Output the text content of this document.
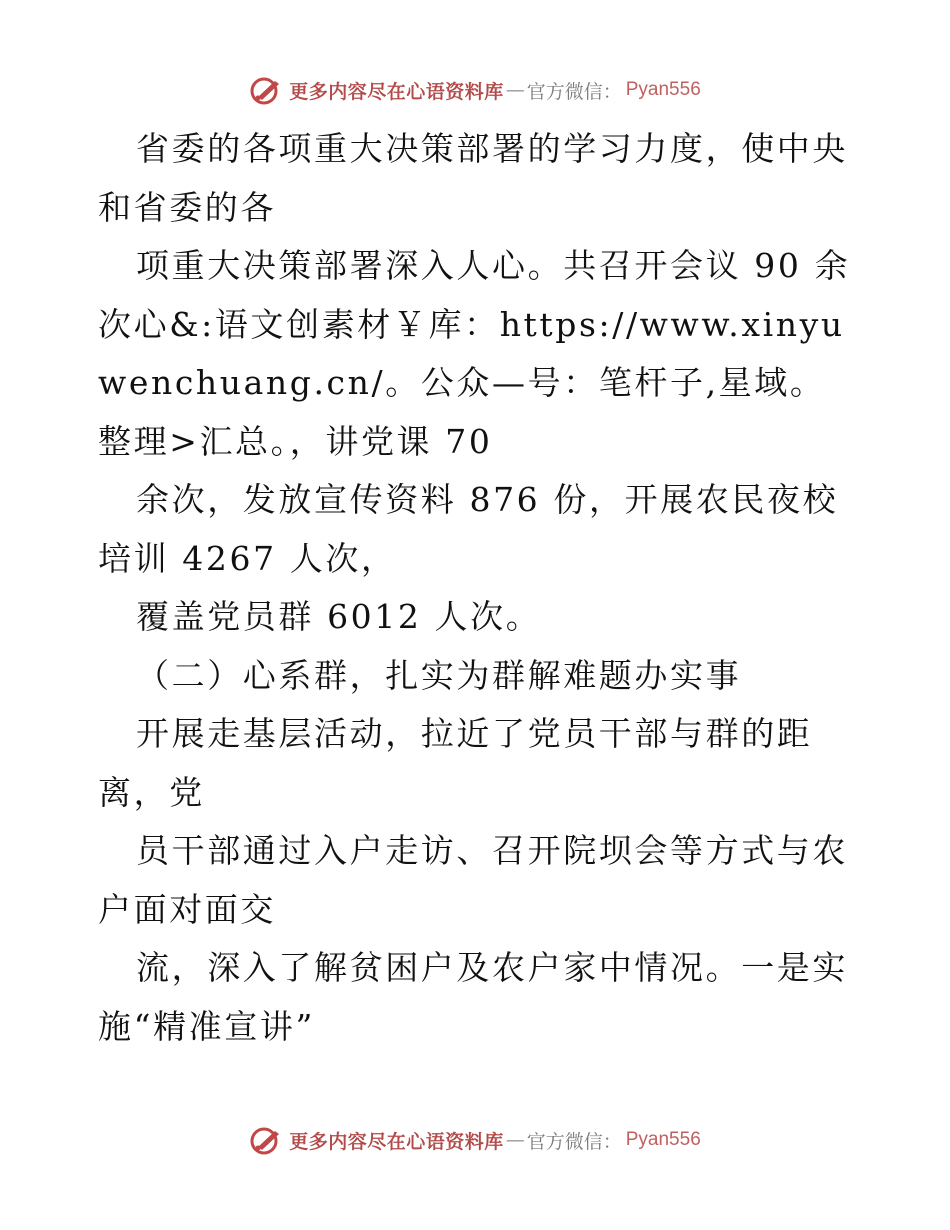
更多内容尽在心语资料库 — 官方微信： Pyan556

省委的各项重大决策部署的学习力度，使中央和省委的各

项重大决策部署深入人心。共召开会议 90 余次心&:语文创素材￥库：https://www.xinyuwenchuang.cn/。公众—号：笔杆子,星域。整理>汇总。，讲党课 70

余次，发放宣传资料 876 份，开展农民夜校培训 4267 人次，

覆盖党员群 6012 人次。

（二）心系群，扎实为群解难题办实事

开展走基层活动，拉近了党员干部与群的距离，党

员干部通过入户走访、召开院坝会等方式与农户面对面交

流，深入了解贫困户及农户家中情况。一是实施“精准宣讲”

更多内容尽在心语资料库 — 官方微信： Pyan556
